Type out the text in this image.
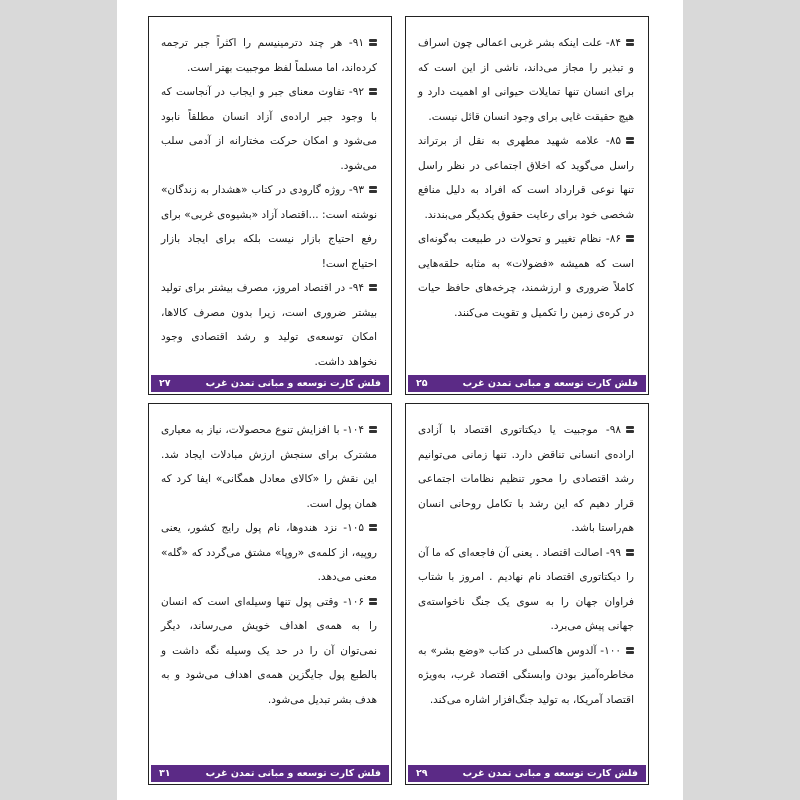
۸۴- علت اینکه بشر غربی اعمالی چون اسراف و تبذیر را مجاز می‌داند، ناشی از این است که برای انسان تنها تمایلات حیوانی او اهمیت دارد و هیچ حقیقت غایی برای وجود انسان قائل نیست.

۸۵- علامه شهید مطهری به نقل از برتراند راسل می‌گوید که اخلاق اجتماعی در نظر راسل تنها نوعی قرارداد است که افراد به دلیل منافع شخصی خود برای رعایت حقوق یکدیگر می‌بندند.

۸۶- نظام تغییر و تحولات در طبیعت به‌گونه‌ای است که همیشه «فضولات» به مثابه حلقه‌هایی کاملاً ضروری و ارزشمند، چرخه‌های حافظ حیات در کره‌ی زمین را تکمیل و تقویت می‌کنند.

فلش کارت توسعه و مبانی تمدن غرب
۲۵

۹۱- هر چند دترمینیسم را اکثراً جبر ترجمه کرده‌اند، اما مسلماً لفظ موجبیت بهتر است.

۹۲- تفاوت معنای جبر و ایجاب در آنجاست که با وجود جبر اراده‌ی آزاد انسان مطلقاً نابود می‌شود و امکان حرکت مختارانه از آدمی سلب می‌شود.

۹۳- روژه گارودی در کتاب «هشدار به زندگان» نوشته است: ...اقتصاد آزاد «بشیوه‌ی غربی» برای رفع احتیاج بازار نیست بلکه برای ایجاد بازار احتیاج است!

۹۴- در اقتصاد امروز، مصرف بیشتر برای تولید بیشتر ضروری است، زیرا بدون مصرف کالاها، امکان توسعه‌ی تولید و رشد اقتصادی وجود نخواهد داشت.

فلش کارت توسعه و مبانی تمدن غرب
۲۷

۹۸- موجبیت یا دیکتاتوری اقتصاد با آزادی اراده‌ی انسانی تناقض دارد. تنها زمانی می‌توانیم رشد اقتصادی را محور تنظیم نظامات اجتماعی قرار دهیم که این رشد با تکامل روحانی انسان هم‌راستا باشد.

۹۹- اصالت اقتصاد . یعنی آن فاجعه‌ای که ما آن را دیکتاتوری اقتصاد نام نهادیم . امروز با شتاب فراوان جهان را به سوی یک جنگ ناخواسته‌ی جهانی پیش می‌برد.

۱۰۰- آلدوس هاکسلی در کتاب «وضع بشر» به مخاطره‌آمیز بودن وابستگی اقتصاد غرب، به‌ویژه اقتصاد آمریکا، به تولید جنگ‌افزار اشاره می‌کند.

فلش کارت توسعه و مبانی تمدن غرب
۲۹

۱۰۴- با افزایش تنوع محصولات، نیاز به معیاری مشترک برای سنجش ارزش مبادلات ایجاد شد. این نقش را «کالای معادل همگانی» ایفا کرد که همان پول است.

۱۰۵- نزد هندوها، نام پول رایج کشور، یعنی روپیه، از کلمه‌ی «روپا» مشتق می‌گردد که «گله» معنی می‌دهد.

۱۰۶- وقتی پول تنها وسیله‌ای است که انسان را به همه‌ی اهداف خویش می‌رساند، دیگر نمی‌توان آن را در حد یک وسیله نگه داشت و بالطبع پول جایگزین همه‌ی اهداف می‌شود و به هدف بشر تبدیل می‌شود.

فلش کارت توسعه و مبانی تمدن غرب
۳۱
